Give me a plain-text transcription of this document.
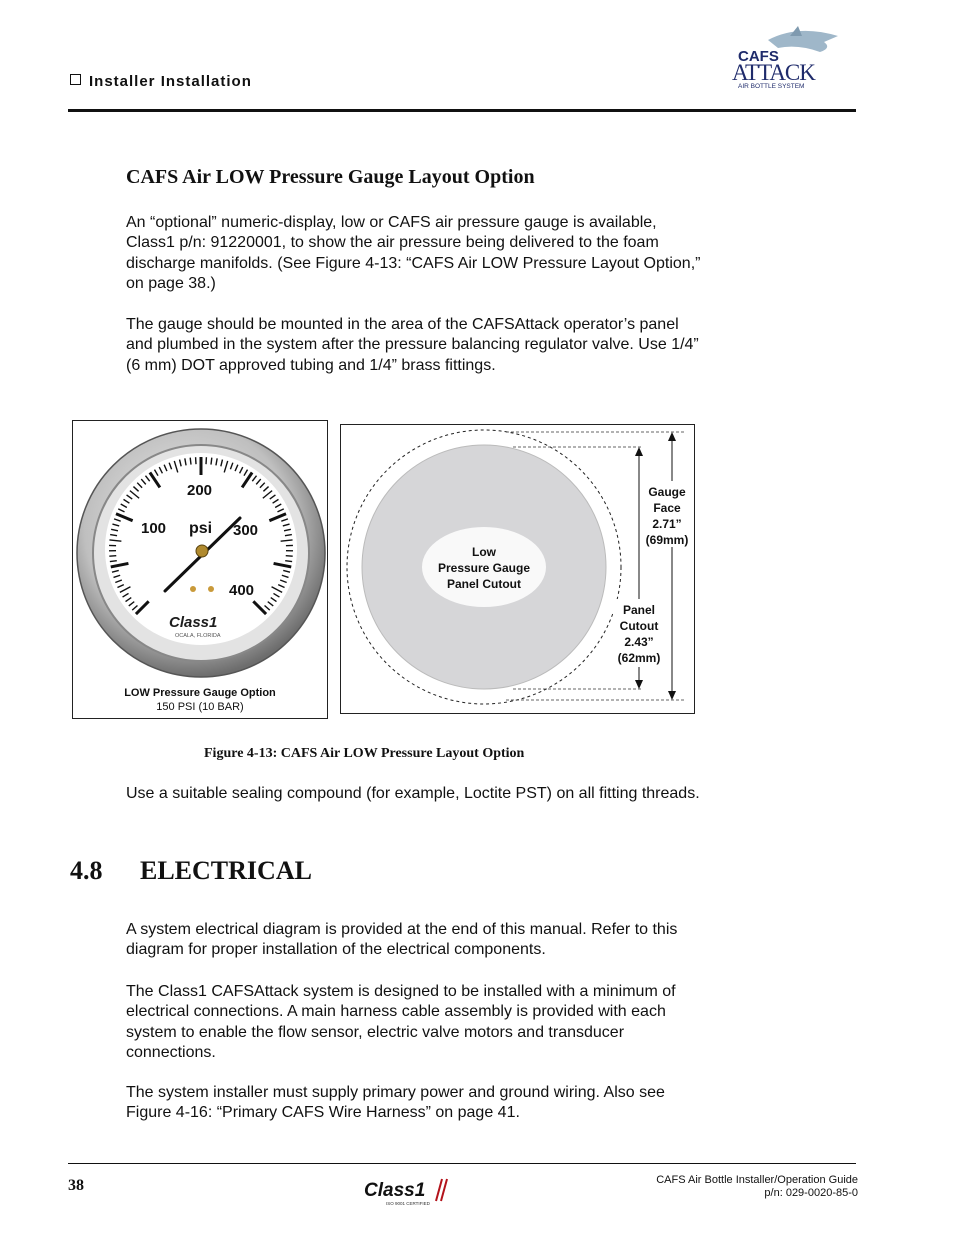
Installer Installation
CAFS
ATTACK
AIR BOTTLE SYSTEM
CAFS Air LOW Pressure Gauge Layout Option
An “optional” numeric-display, low or CAFS air pressure gauge is available, Class1 p/n: 91220001, to show the air pressure being delivered to the foam discharge manifolds. (See Figure 4-13: “CAFS Air LOW Pressure Layout Option,” on page 38.)
The gauge should be mounted in the area of the CAFSAttack operator’s panel and plumbed in the system after the pressure balancing regulator valve. Use 1/4” (6 mm) DOT approved tubing and 1/4” brass fittings.
100
200
300
400
psi
Class1
OCALA, FLORIDA
LOW Pressure Gauge Option
150 PSI (10 BAR)
Low
Pressure Gauge
Panel Cutout
Gauge
Face
2.71”
(69mm)
Panel
Cutout
2.43”
(62mm)
Figure 4-13: CAFS Air LOW Pressure Layout Option
Use a suitable sealing compound (for example, Loctite PST) on all fitting threads.
4.8 ELECTRICAL
A system electrical diagram is provided at the end of this manual. Refer to this diagram for proper installation of the electrical components.
The Class1 CAFSAttack system is designed to be installed with a minimum of electrical connections. A main harness cable assembly is provided with each system to enable the flow sensor, electric valve motors and transducer connections.
The system installer must supply primary power and ground wiring. Also see Figure 4-16: “Primary CAFS Wire Harness” on page 41.
38	Class1
ISO 9001 CERTIFIED
CAFS Air Bottle Installer/Operation Guide
p/n: 029-0020-85-0
